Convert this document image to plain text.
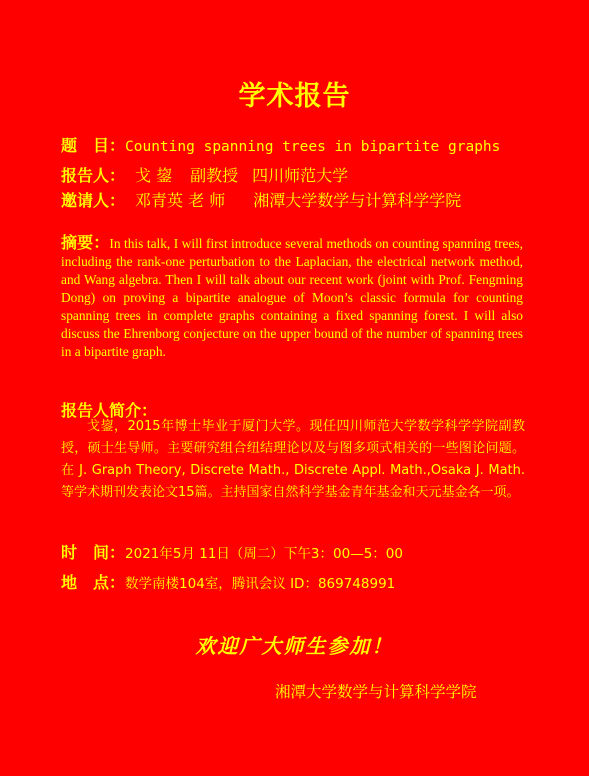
学术报告
题　目：Counting spanning trees in bipartite graphs
报告人： 戈 鋆 副教授 四川师范大学
邀请人： 邓青英 老 师 湘潭大学数学与计算科学学院
摘要：In this talk, I will first introduce several methods on counting spanning trees, including the rank-one perturbation to the Laplacian, the electrical network method, and Wang algebra. Then I will talk about our recent work (joint with Prof. Fengming Dong) on proving a bipartite analogue of Moon’s classic formula for counting spanning trees in complete graphs containing a fixed spanning forest. I will also discuss the Ehrenborg conjecture on the upper bound of the number of spanning trees in a bipartite graph.
报告人简介：
戈鋆，2015年博士毕业于厦门大学。现任四川师范大学数学科学学院副教授，硕士生导师。主要研究组合纽结理论以及与图多项式相关的一些图论问题。在 J. Graph Theory, Discrete Math., Discrete Appl. Math.,Osaka J. Math.等学术期刊发表论文15篇。主持国家自然科学基金青年基金和天元基金各一项。
时　间：2021年5月 11日（周二）下午3：00—5：00
地　点：数学南楼104室，腾讯会议 ID：869748991
欢迎广大师生参加！
湘潭大学数学与计算科学学院
